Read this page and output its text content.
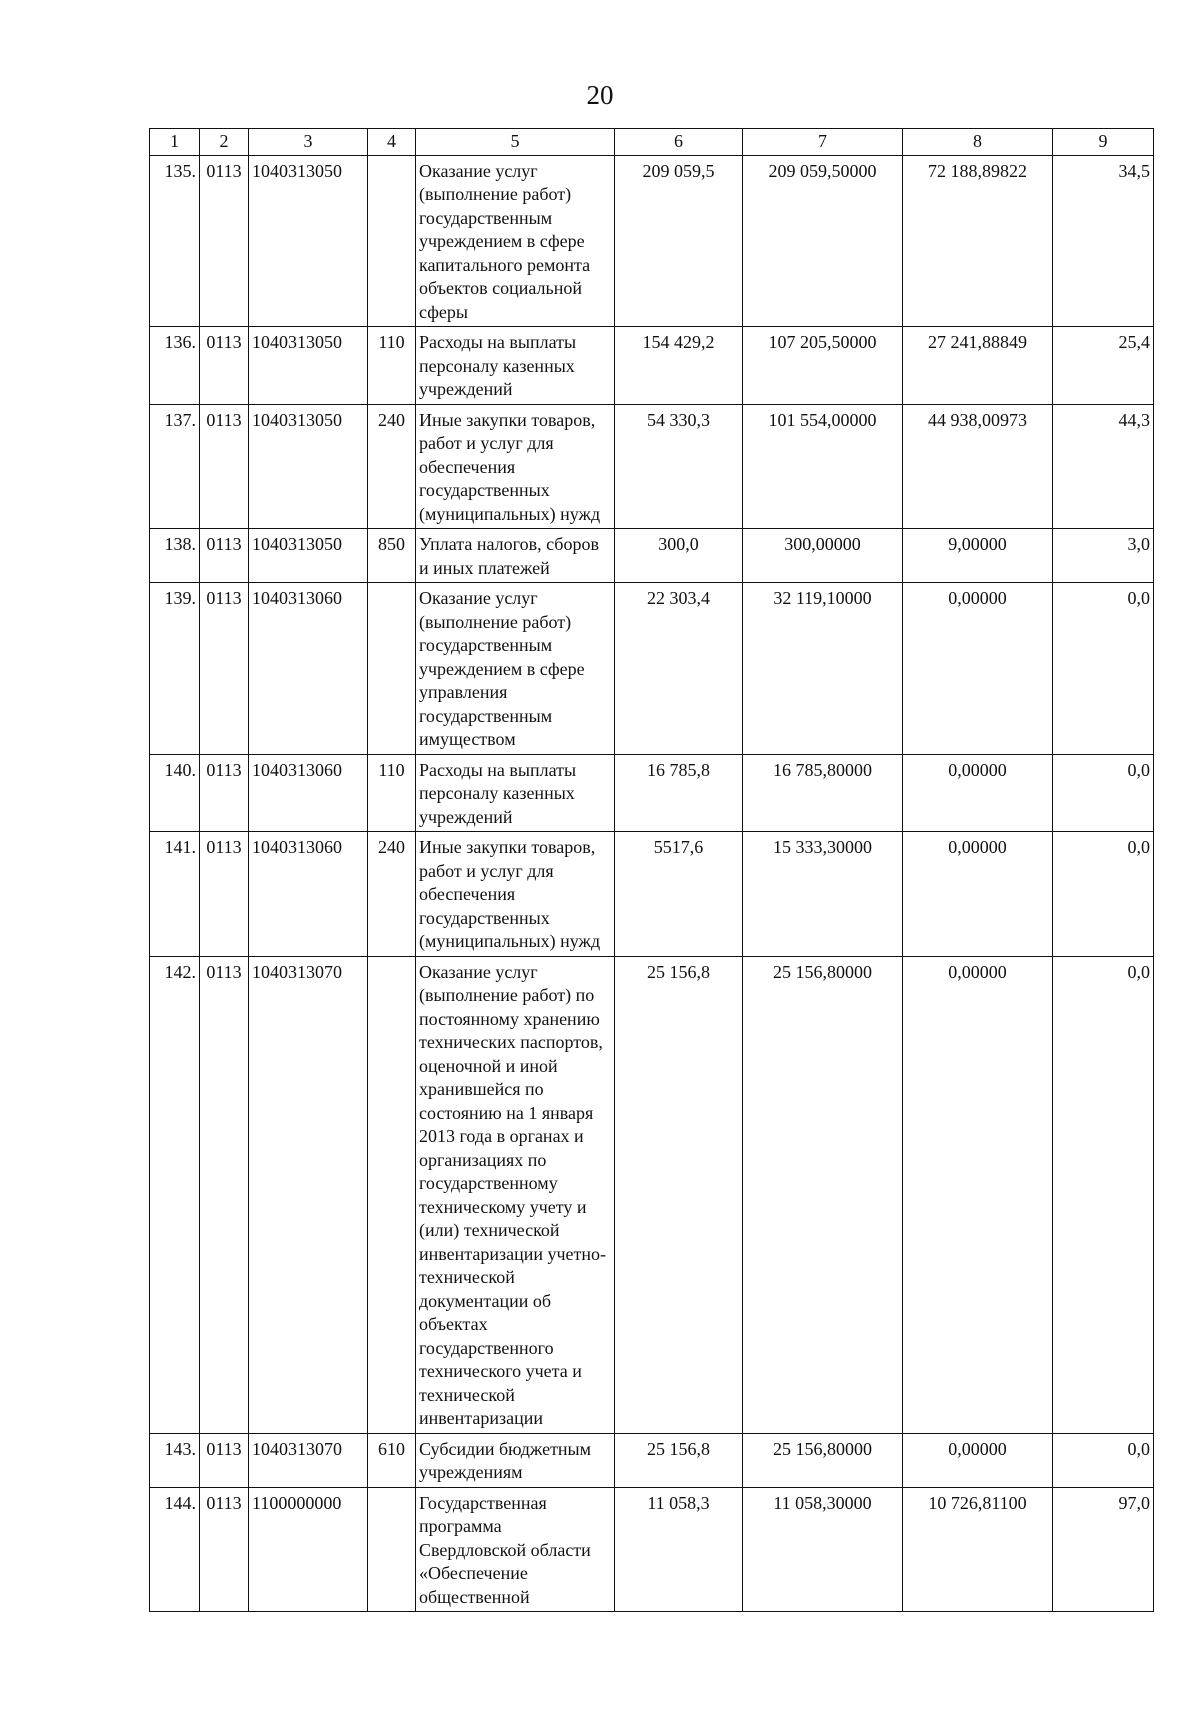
20
1	2	3	4	5	6	7	8	9
135.	0113	1040313050		Оказание услуг (выполнение работ) государственным учреждением в сфере капитального ремонта объектов социальной сферы	209 059,5	209 059,50000	72 188,89822	34,5
136.	0113	1040313050	110	Расходы на выплаты персоналу казенных учреждений	154 429,2	107 205,50000	27 241,88849	25,4
137.	0113	1040313050	240	Иные закупки товаров, работ и услуг для обеспечения государственных (муниципальных) нужд	54 330,3	101 554,00000	44 938,00973	44,3
138.	0113	1040313050	850	Уплата налогов, сборов и иных платежей	300,0	300,00000	9,00000	3,0
139.	0113	1040313060		Оказание услуг (выполнение работ) государственным учреждением в сфере управления государственным имуществом	22 303,4	32 119,10000	0,00000	0,0
140.	0113	1040313060	110	Расходы на выплаты персоналу казенных учреждений	16 785,8	16 785,80000	0,00000	0,0
141.	0113	1040313060	240	Иные закупки товаров, работ и услуг для обеспечения государственных (муниципальных) нужд	5517,6	15 333,30000	0,00000	0,0
142.	0113	1040313070		Оказание услуг (выполнение работ) по постоянному хранению технических паспортов, оценочной и иной хранившейся по состоянию на 1 января 2013 года в органах и организациях по государственному техническому учету и (или) технической инвентаризации учетно-технической документации об объектах государственного технического учета и технической инвентаризации	25 156,8	25 156,80000	0,00000	0,0
143.	0113	1040313070	610	Субсидии бюджетным учреждениям	25 156,8	25 156,80000	0,00000	0,0
144.	0113	1100000000		Государственная программа Свердловской области «Обеспечение общественной	11 058,3	11 058,30000	10 726,81100	97,0
